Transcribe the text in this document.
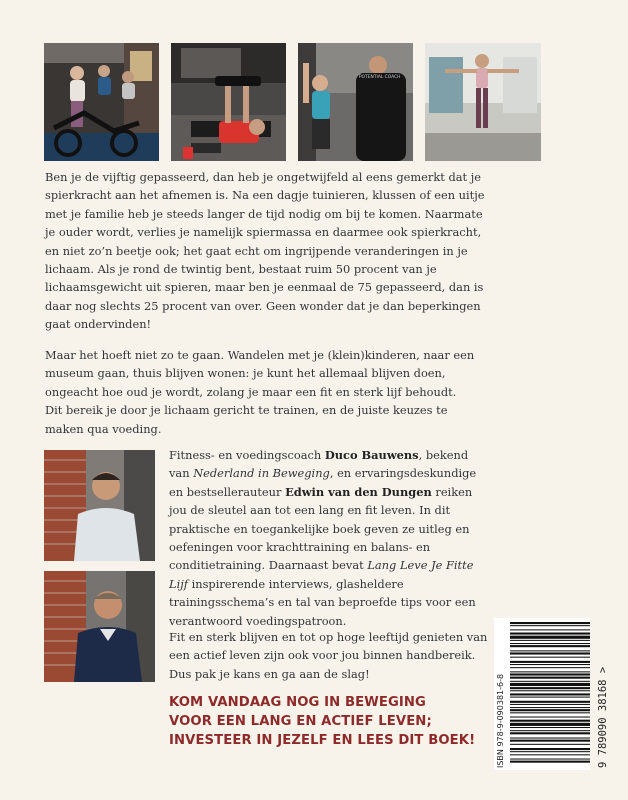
POTENTIAL COACH

Ben je de vijftig gepasseerd, dan heb je ongetwijfeld al eens gemerkt dat je spierkracht aan het afnemen is. Na een dagje tuinieren, klussen of een uitje met je familie heb je steeds langer de tijd nodig om bij te komen. Naarmate je ouder wordt, verlies je namelijk spiermassa en daarmee ook spierkracht, en niet zo’n beetje ook; het gaat echt om ingrijpende veranderingen in je lichaam. Als je rond de twintig bent, bestaat ruim 50 procent van je lichaamsgewicht uit spieren, maar ben je eenmaal de 75 gepasseerd, dan is daar nog slechts 25 procent van over. Geen wonder dat je dan beperkingen gaat ondervinden!

Maar het hoeft niet zo te gaan. Wandelen met je (klein)kinderen, naar een museum gaan, thuis blijven wonen: je kunt het allemaal blijven doen, ongeacht hoe oud je wordt, zolang je maar een fit en sterk lijf behoudt. Dit bereik je door je lichaam gericht te trainen, en de juiste keuzes te maken qua voeding.

Fitness- en voedingscoach Duco Bauwens, bekend van Nederland in Beweging, en ervaringsdeskundige en bestsellerauteur Edwin van den Dungen reiken jou de sleutel aan tot een lang en fit leven. In dit praktische en toegankelijke boek geven ze uitleg en oefeningen voor krachttraining en balans- en conditietraining. Daarnaast bevat Lang Leve Je Fitte Lijf inspirerende interviews, glasheldere trainingsschema’s en tal van beproefde tips voor een verantwoord voedingspatroon.

Fit en sterk blijven en tot op hoge leeftijd genieten van een actief leven zijn ook voor jou binnen handbereik. Dus pak je kans en ga aan de slag!

KOM VANDAAG NOG IN BEWEGING
VOOR EEN LANG EN ACTIEF LEVEN;
INVESTEER IN JEZELF EN LEES DIT BOEK!	ISBN 978-9-090381-6-8	9 789090 38168 >
